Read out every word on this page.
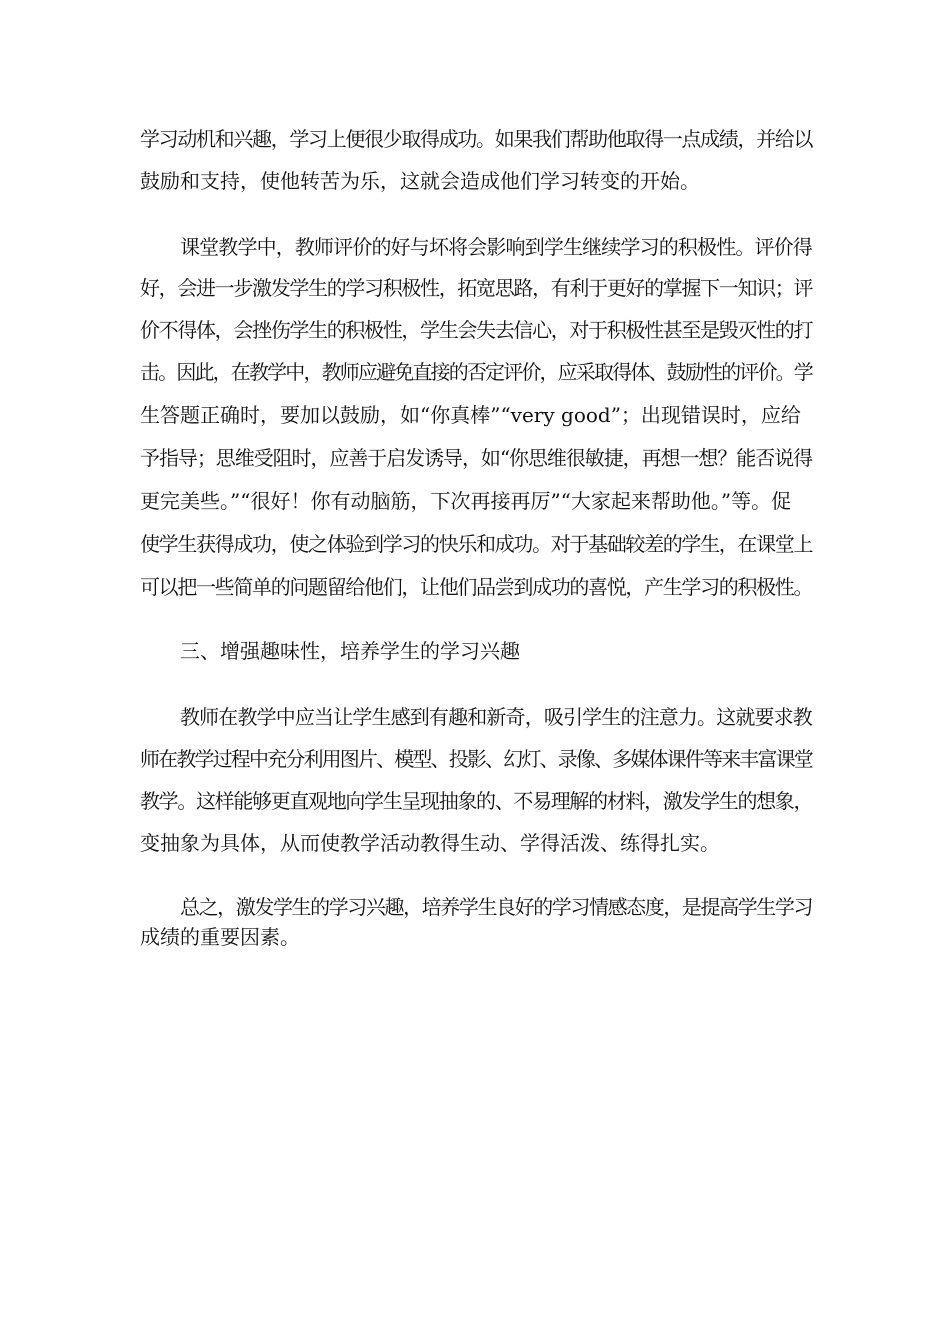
学习动机和兴趣，学习上便很少取得成功。如果我们帮助他取得一点成绩，并给以
鼓励和支持，使他转苦为乐，这就会造成他们学习转变的开始。
课堂教学中，教师评价的好与坏将会影响到学生继续学习的积极性。评价得
好，会进一步激发学生的学习积极性，拓宽思路，有利于更好的掌握下一知识；评
价不得体，会挫伤学生的积极性，学生会失去信心，对于积极性甚至是毁灭性的打
击。因此，在教学中，教师应避免直接的否定评价，应采取得体、鼓励性的评价。学
生答题正确时，要加以鼓励，如“你真棒”“very good”；出现错误时，应给
予指导；思维受阻时，应善于启发诱导，如“你思维很敏捷，再想一想？能否说得
更完美些。”“很好！你有动脑筋，下次再接再厉”“大家起来帮助他。”等。促
使学生获得成功，使之体验到学习的快乐和成功。对于基础较差的学生，在课堂上
可以把一些简单的问题留给他们，让他们品尝到成功的喜悦，产生学习的积极性。
三、增强趣味性，培养学生的学习兴趣
教师在教学中应当让学生感到有趣和新奇，吸引学生的注意力。这就要求教
师在教学过程中充分利用图片、模型、投影、幻灯、录像、多媒体课件等来丰富课堂
教学。这样能够更直观地向学生呈现抽象的、不易理解的材料，激发学生的想象，
变抽象为具体，从而使教学活动教得生动、学得活泼、练得扎实。
总之，激发学生的学习兴趣，培养学生良好的学习情感态度，是提高学生学习
成绩的重要因素。
